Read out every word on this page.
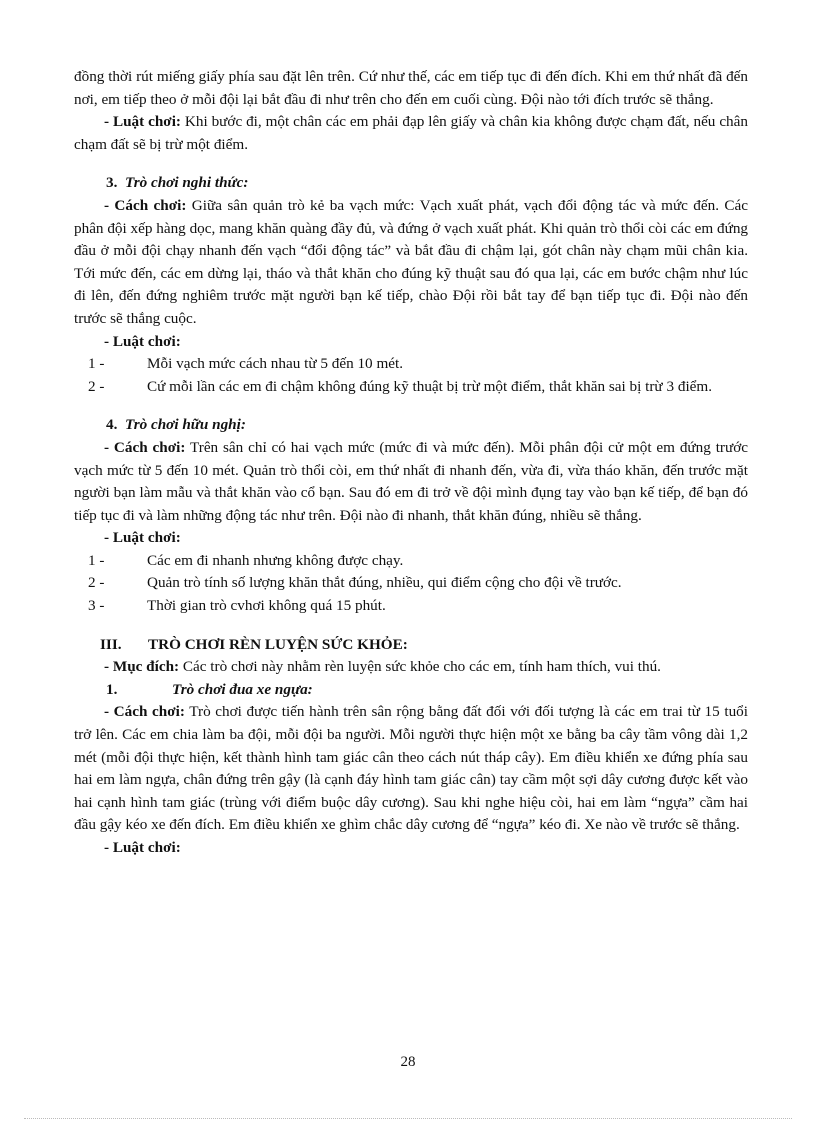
đồng thời rút miếng giấy phía sau đặt lên trên. Cứ như thế, các em tiếp tục đi đến đích. Khi em thứ nhất đã đến nơi, em tiếp theo ở mỗi đội lại bắt đầu đi như trên cho đến em cuối cùng. Đội nào tới đích trước sẽ thắng.

- Luật chơi: Khi bước đi, một chân các em phải đạp lên giấy và chân kia không được chạm đất, nếu chân chạm đất sẽ bị trừ một điểm.

3. Trò chơi nghi thức:

- Cách chơi: Giữa sân quản trò kẻ ba vạch mức: Vạch xuất phát, vạch đổi động tác và mức đến. Các phân đội xếp hàng dọc, mang khăn quàng đầy đủ, và đứng ở vạch xuất phát. Khi quản trò thổi còi các em đứng đầu ở mỗi đội chạy nhanh đến vạch “đổi động tác” và bắt đầu đi chậm lại, gót chân này chạm mũi chân kia. Tới mức đến, các em dừng lại, tháo và thắt khăn cho đúng kỹ thuật sau đó qua lại, các em bước chậm như lúc đi lên, đến đứng nghiêm trước mặt người bạn kế tiếp, chào Đội rồi bắt tay để bạn tiếp tục đi. Đội nào đến trước sẽ thắng cuộc.

- Luật chơi:

1 -	Mỗi vạch mức cách nhau từ 5 đến 10 mét.

2 -	Cứ mỗi lần các em đi chậm không đúng kỹ thuật bị trừ một điểm, thắt khăn sai bị trừ 3 điểm.

4. Trò chơi hữu nghị:

- Cách chơi: Trên sân chỉ có hai vạch mức (mức đi và mức đến). Mỗi phân đội cử một em đứng trước vạch mức từ 5 đến 10 mét. Quản trò thổi còi, em thứ nhất đi nhanh đến, vừa đi, vừa tháo khăn, đến trước mặt người bạn làm mẫu và thắt khăn vào cổ bạn. Sau đó em đi trở về đội mình đụng tay vào bạn kế tiếp, để bạn đó tiếp tục đi và làm những động tác như trên. Đội nào đi nhanh, thắt khăn đúng, nhiều sẽ thắng.

- Luật chơi:

1 -	Các em đi nhanh nhưng không được chạy.
2 -	Quản trò tính số lượng khăn thắt đúng, nhiều, qui điểm cộng cho đội về trước.
3 -	Thời gian trò cvhơi không quá 15 phút.

III. TRÒ CHƠI RÈN LUYỆN SỨC KHỎE:

- Mục đích: Các trò chơi này nhằm rèn luyện sức khỏe cho các em, tính ham thích, vui thú.

1.	Trò chơi đua xe ngựa:

- Cách chơi: Trò chơi được tiến hành trên sân rộng bằng đất đối với đối tượng là các em trai từ 15 tuổi trở lên. Các em chia làm ba đội, mỗi đội ba người. Mỗi người thực hiện một xe bằng ba cây tầm vông dài 1,2 mét (mỗi đội thực hiện, kết thành hình tam giác cân theo cách nút tháp cây). Em điều khiển xe đứng phía sau hai em làm ngựa, chân đứng trên gậy (là cạnh đáy hình tam giác cân) tay cầm một sợi dây cương được kết vào hai cạnh hình tam giác (trùng với điểm buộc dây cương). Sau khi nghe hiệu còi, hai em làm “ngựa” cầm hai đầu gậy kéo xe đến đích. Em điều khiển xe ghìm chắc dây cương để “ngựa” kéo đi. Xe nào về trước sẽ thắng.

- Luật chơi:

28
